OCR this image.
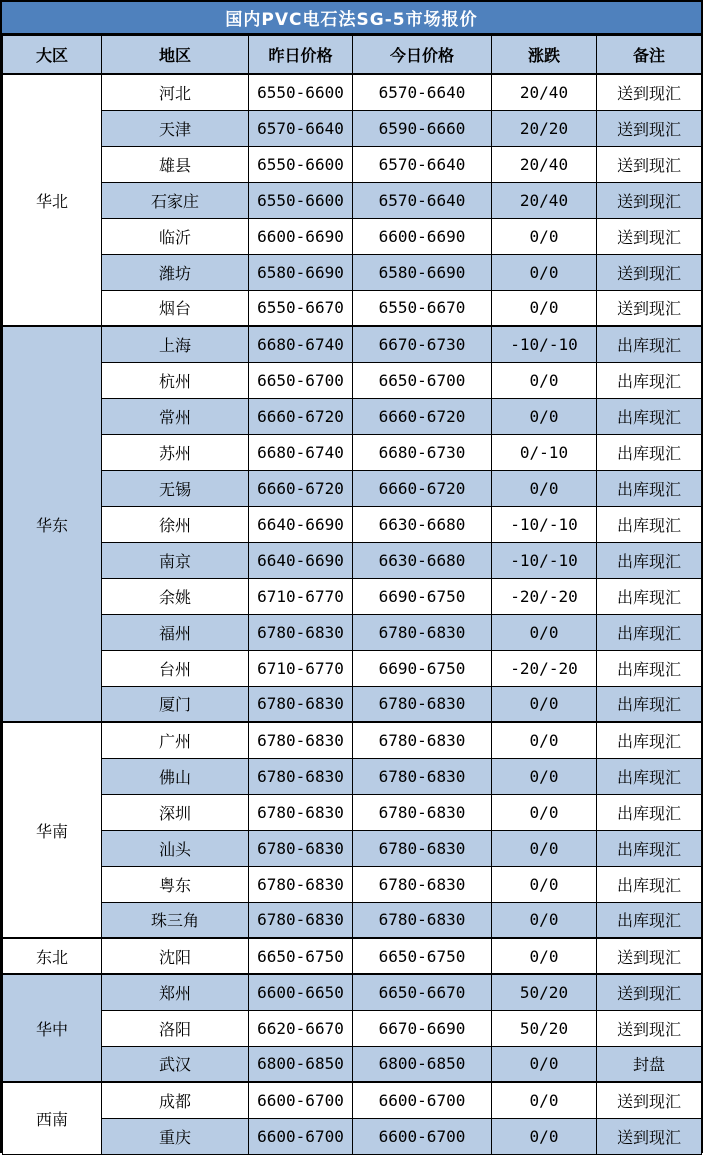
国内PVC电石法SG-5市场报价
大区	地区	昨日价格	今日价格	涨跌	备注
华北	河北	6550-6600	6570-6640	20/40	送到现汇
	天津	6570-6640	6590-6660	20/20	送到现汇
	雄县	6550-6600	6570-6640	20/40	送到现汇
	石家庄	6550-6600	6570-6640	20/40	送到现汇
	临沂	6600-6690	6600-6690	0/0	送到现汇
	潍坊	6580-6690	6580-6690	0/0	送到现汇
	烟台	6550-6670	6550-6670	0/0	送到现汇
华东	上海	6680-6740	6670-6730	-10/-10	出库现汇
	杭州	6650-6700	6650-6700	0/0	出库现汇
	常州	6660-6720	6660-6720	0/0	出库现汇
	苏州	6680-6740	6680-6730	0/-10	出库现汇
	无锡	6660-6720	6660-6720	0/0	出库现汇
	徐州	6640-6690	6630-6680	-10/-10	出库现汇
	南京	6640-6690	6630-6680	-10/-10	出库现汇
	余姚	6710-6770	6690-6750	-20/-20	出库现汇
	福州	6780-6830	6780-6830	0/0	出库现汇
	台州	6710-6770	6690-6750	-20/-20	出库现汇
	厦门	6780-6830	6780-6830	0/0	出库现汇
华南	广州	6780-6830	6780-6830	0/0	出库现汇
	佛山	6780-6830	6780-6830	0/0	出库现汇
	深圳	6780-6830	6780-6830	0/0	出库现汇
	汕头	6780-6830	6780-6830	0/0	出库现汇
	粤东	6780-6830	6780-6830	0/0	出库现汇
	珠三角	6780-6830	6780-6830	0/0	出库现汇
东北	沈阳	6650-6750	6650-6750	0/0	送到现汇
华中	郑州	6600-6650	6650-6670	50/20	送到现汇
	洛阳	6620-6670	6670-6690	50/20	送到现汇
	武汉	6800-6850	6800-6850	0/0	封盘
西南	成都	6600-6700	6600-6700	0/0	送到现汇
	重庆	6600-6700	6600-6700	0/0	送到现汇
